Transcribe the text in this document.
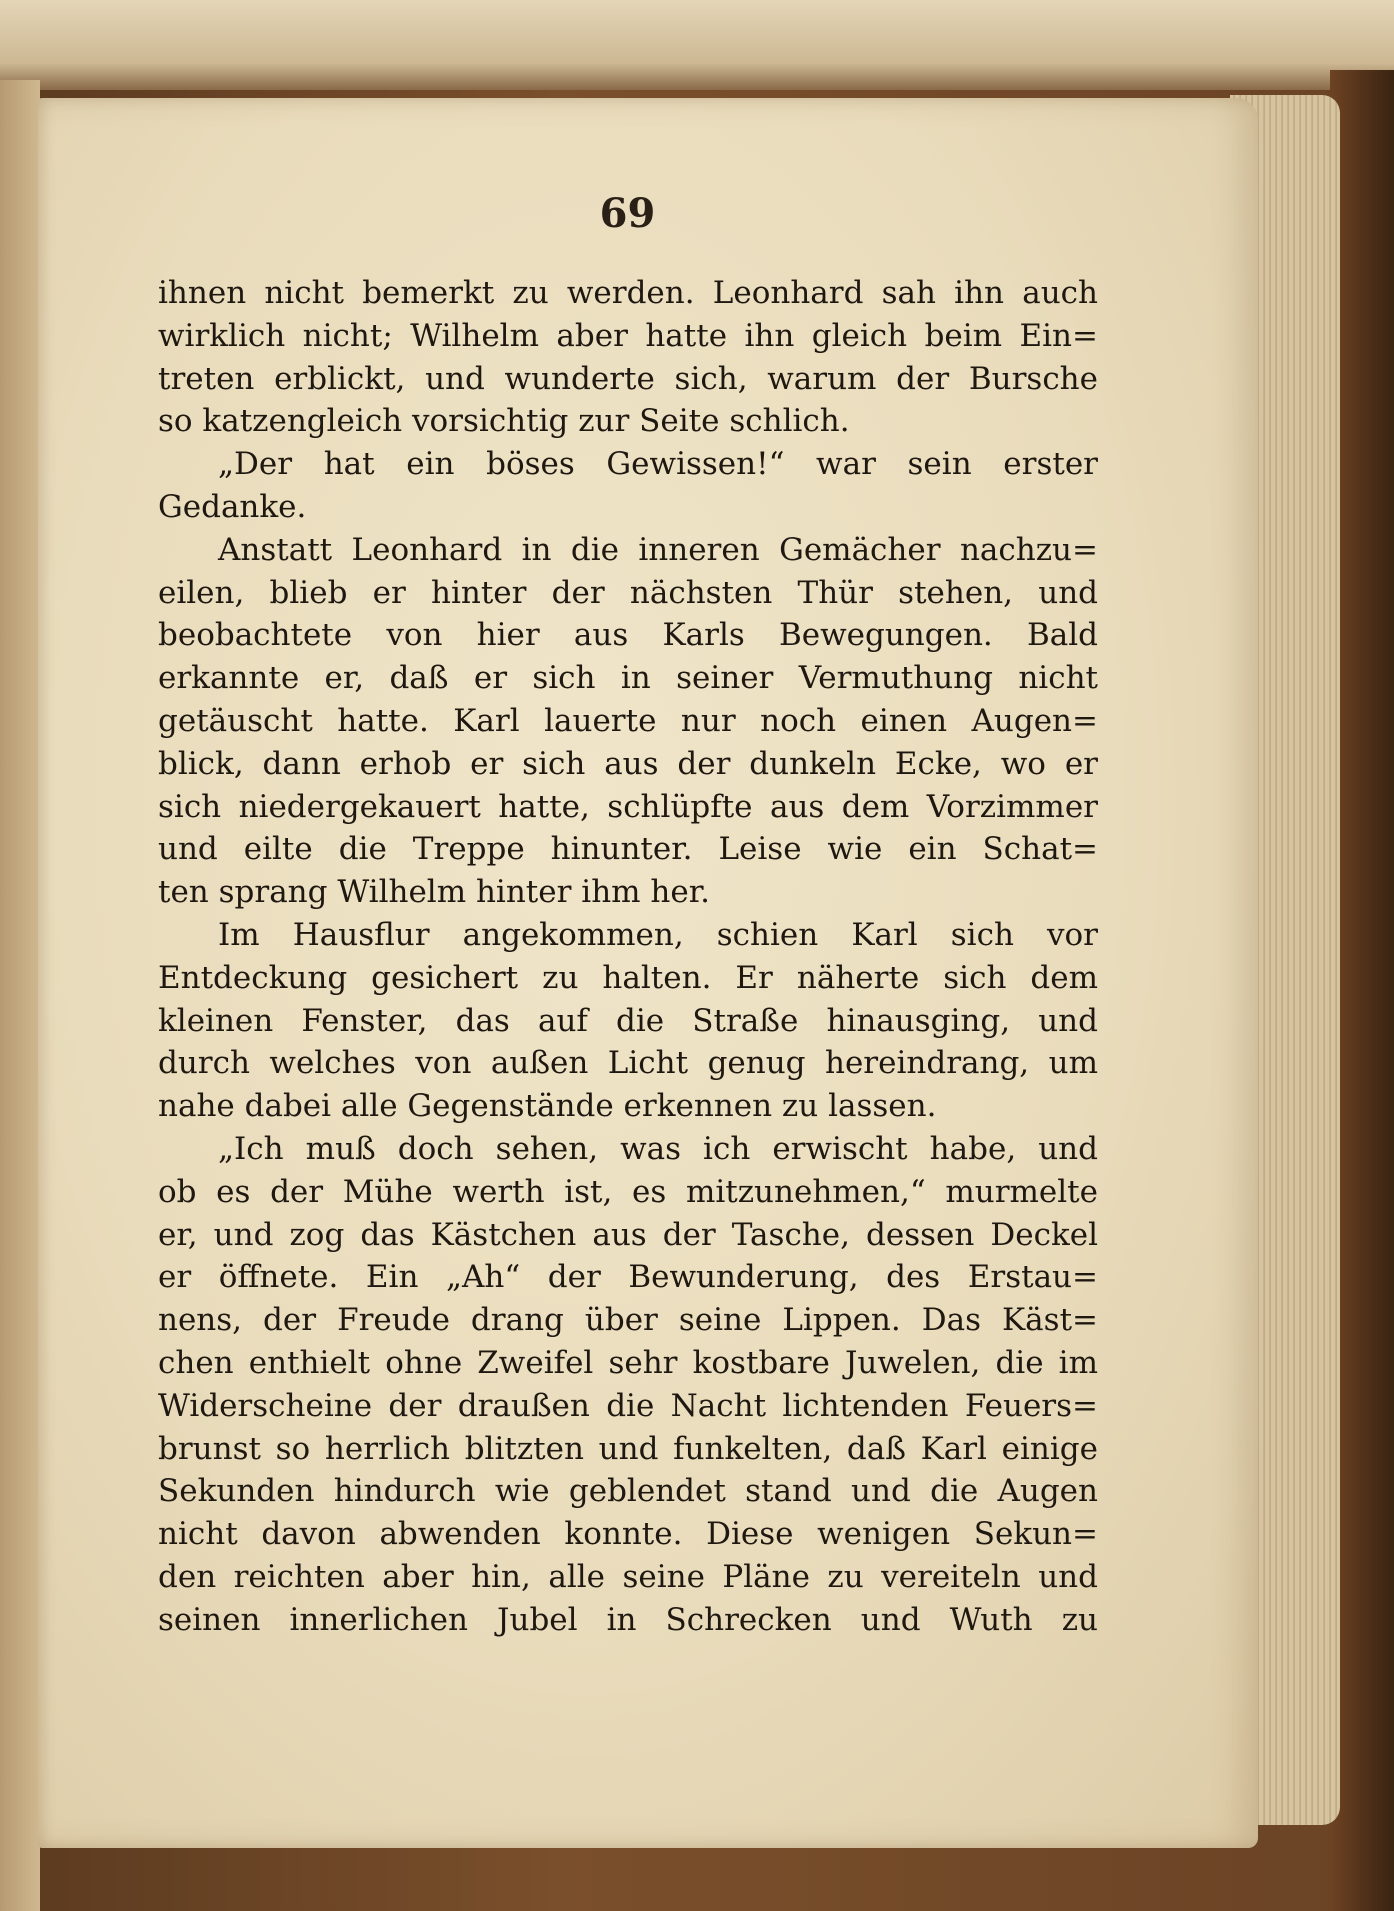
69
ihnen nicht bemerkt zu werden. Leonhard sah ihn auch
wirklich nicht; Wilhelm aber hatte ihn gleich beim Ein=
treten erblickt, und wunderte sich, warum der Bursche
so katzengleich vorsichtig zur Seite schlich.
„Der hat ein böses Gewissen!“ war sein erster
Gedanke.
Anstatt Leonhard in die inneren Gemächer nachzu=
eilen, blieb er hinter der nächsten Thür stehen, und
beobachtete von hier aus Karls Bewegungen. Bald
erkannte er, daß er sich in seiner Vermuthung nicht
getäuscht hatte. Karl lauerte nur noch einen Augen=
blick, dann erhob er sich aus der dunkeln Ecke, wo er
sich niedergekauert hatte, schlüpfte aus dem Vorzimmer
und eilte die Treppe hinunter. Leise wie ein Schat=
ten sprang Wilhelm hinter ihm her.
Im Hausflur angekommen, schien Karl sich vor
Entdeckung gesichert zu halten. Er näherte sich dem
kleinen Fenster, das auf die Straße hinausging, und
durch welches von außen Licht genug hereindrang, um
nahe dabei alle Gegenstände erkennen zu lassen.
„Ich muß doch sehen, was ich erwischt habe, und
ob es der Mühe werth ist, es mitzunehmen,“ murmelte
er, und zog das Kästchen aus der Tasche, dessen Deckel
er öffnete. Ein „Ah“ der Bewunderung, des Erstau=
nens, der Freude drang über seine Lippen. Das Käst=
chen enthielt ohne Zweifel sehr kostbare Juwelen, die im
Widerscheine der draußen die Nacht lichtenden Feuers=
brunst so herrlich blitzten und funkelten, daß Karl einige
Sekunden hindurch wie geblendet stand und die Augen
nicht davon abwenden konnte. Diese wenigen Sekun=
den reichten aber hin, alle seine Pläne zu vereiteln und
seinen innerlichen Jubel in Schrecken und Wuth zu
